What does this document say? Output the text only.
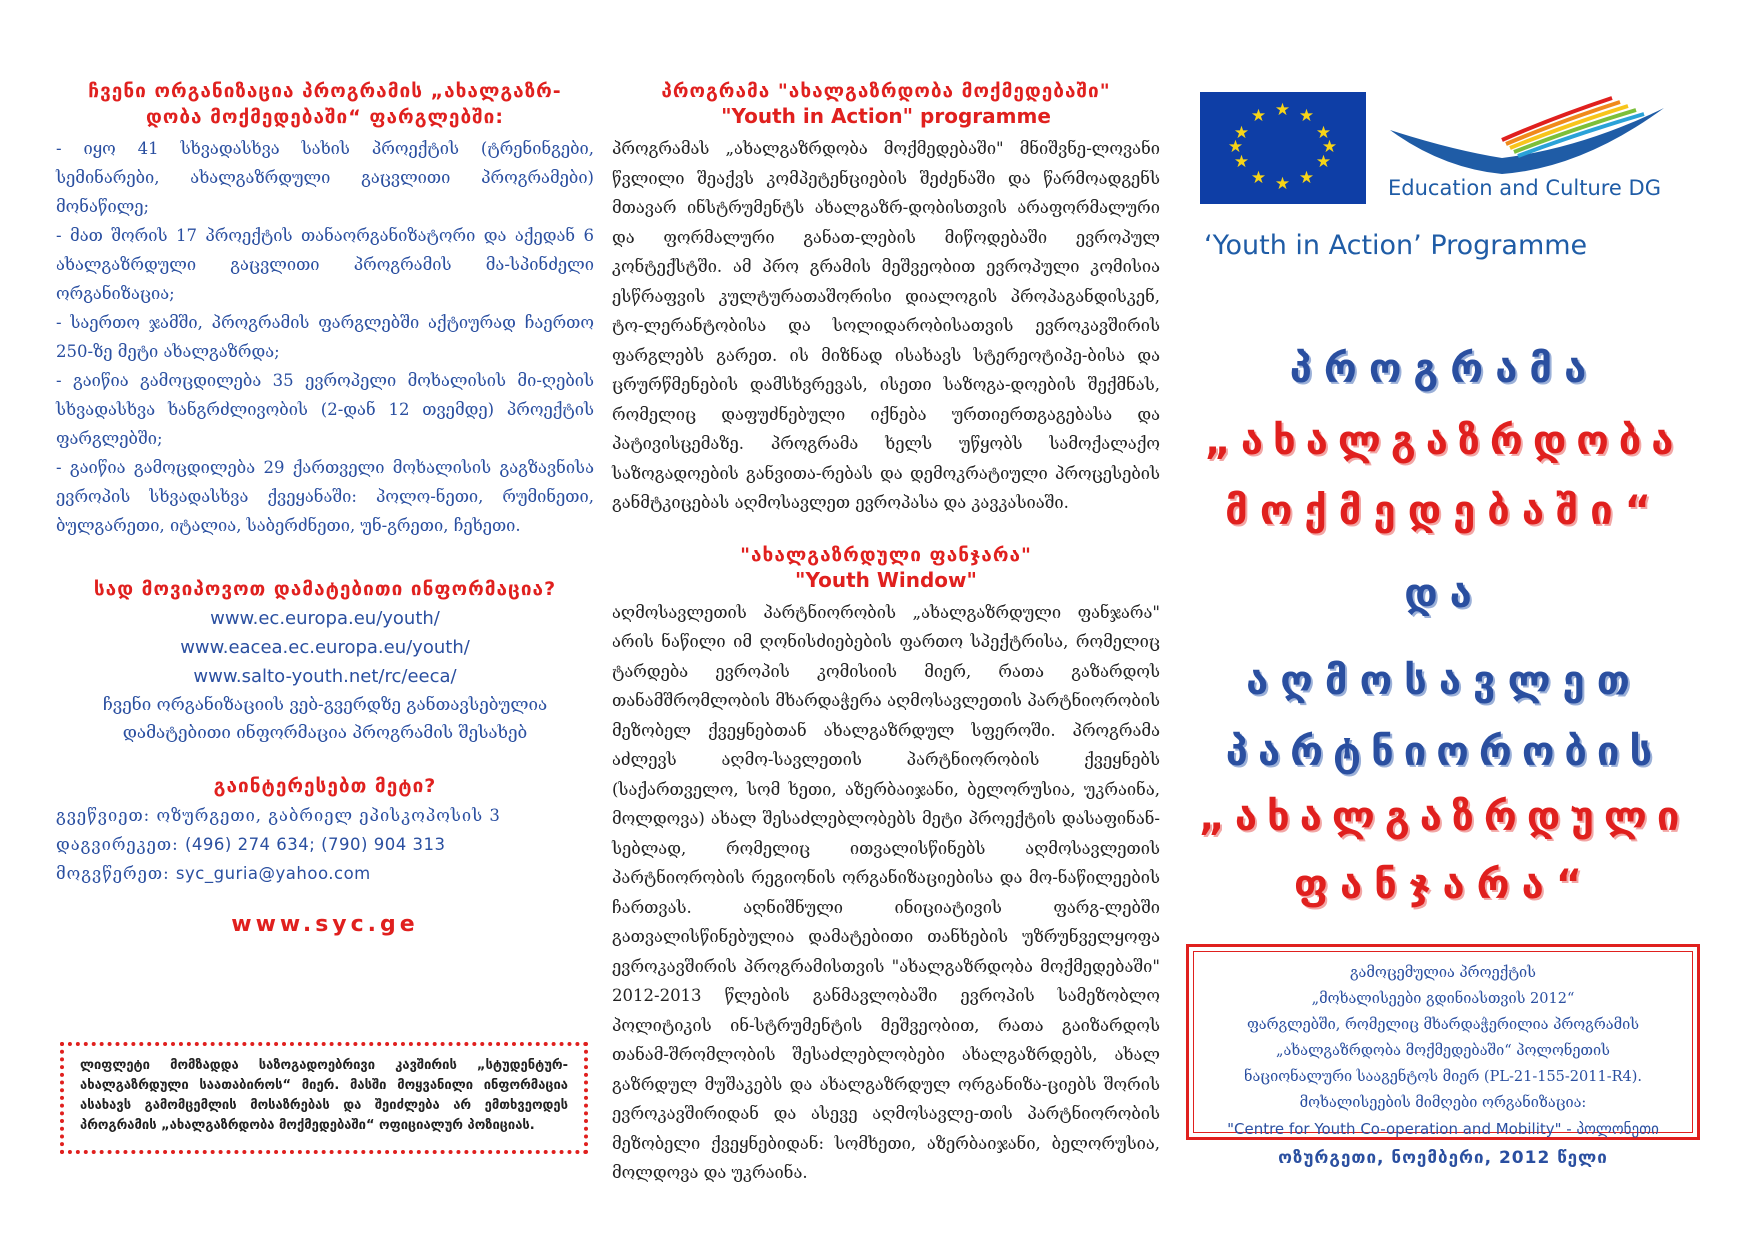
ჩვენი ორგანიზაცია პროგრამის „ახალგაზრ-დობა მოქმედებაში“ ფარგლებში:

- იყო 41 სხვადასხვა სახის პროექტის (ტრენინგები, სემინარები, ახალგაზრდული გაცვლითი პროგრამები) მონაწილე;

- მათ შორის 17 პროექტის თანაორგანიზატორი და აქედან 6 ახალგაზრდული გაცვლითი პროგრამის მა-სპინძელი ორგანიზაცია;

- საერთო ჯამში, პროგრამის ფარგლებში აქტიურად ჩაერთო 250-ზე მეტი ახალგაზრდა;

- გაიწია გამოცდილება 35 ევროპელი მოხალისის მი-ღების სხვადასხვა ხანგრძლივობის (2-დან 12 თვემდე) პროექტის ფარგლებში;

- გაიწია გამოცდილება 29 ქართველი მოხალისის გაგზავნისა ევროპის სხვადასხვა ქვეყანაში: პოლო-ნეთი, რუმინეთი, ბულგარეთი, იტალია, საბერძნეთი, უნ-გრეთი, ჩეხეთი.

სად მოვიპოვოთ დამატებითი ინფორმაცია?

www.ec.europa.eu/youth/

www.eacea.ec.europa.eu/youth/

www.salto-youth.net/rc/eeca/

ჩვენი ორგანიზაციის ვებ-გვერდზე განთავსებულია დამატებითი ინფორმაცია პროგრამის შესახებ

გაინტერესებთ მეტი?

გვეწვიეთ: ოზურგეთი, გაბრიელ ეპისკოპოსის 3

დაგვირეკეთ: (496) 274 634; (790) 904 313

მოგვწერეთ: syc_guria@yahoo.com

www.syc.ge

ლიფლეტი მომზადდა საზოგადოებრივი კავშირის „სტუდენტურ-ახალგაზრდული საათაბიროს“ მიერ. მასში მოყვანილი ინფორმაცია ასახავს გამომცემლის მოსაზრებას და შეიძლება არ ემთხვეოდეს პროგრამის „ახალგაზრდობა მოქმედებაში“ ოფიციალურ პოზიციას.

პროგრამა "ახალგაზრდობა მოქმედებაში"

"Youth in Action" programme

პროგრამას „ახალგაზრდობა მოქმედებაში" მნიშვნე-ლოვანი წვლილი შეაქვს კომპეტენციების შეძენაში და წარმოადგენს მთავარ ინსტრუმენტს ახალგაზრ-დობისთვის არაფორმალური და ფორმალური განათ-ლების მიწოდებაში ევროპულ კონტექსტში. ამ პრო გრამის მეშვეობით ევროპული კომისია ესწრაფვის კულტურათაშორისი დიალოგის პროპაგანდისკენ, ტო-ლერანტობისა და სოლიდარობისათვის ევროკავშირის ფარგლებს გარეთ. ის მიზნად ისახავს სტერეოტიპე-ბისა და ცრურწმენების დამსხვრევას, ისეთი საზოგა-დოების შექმნას, რომელიც დაფუძნებული იქნება ურთიერთგაგებასა და პატივისცემაზე. პროგრამა ხელს უწყობს სამოქალაქო საზოგადოების განვითა-რებას და დემოკრატიული პროცესების განმტკიცებას აღმოსავლეთ ევროპასა და კავკასიაში.

"ახალგაზრდული ფანჯარა"

"Youth Window"

აღმოსავლეთის პარტნიორობის „ახალგაზრდული ფანჯარა" არის ნაწილი იმ ღონისძიებების ფართო სპექტრისა, რომელიც ტარდება ევროპის კომისიის მიერ, რათა გაზარდოს თანამშრომლობის მხარდაჭერა აღმოსავლეთის პარტნიორობის მეზობელ ქვეყნებთან ახალგაზრდულ სფეროში. პროგრამა აძლევს აღმო-სავლეთის პარტნიორობის ქვეყნებს (საქართველო, სომ ხეთი, აზერბაიჯანი, ბელორუსია, უკრაინა, მოლდოვა) ახალ შესაძლებლობებს მეტი პროექტის დასაფინან-სებლად, რომელიც ითვალისწინებს აღმოსავლეთის პარტნიორობის რეგიონის ორგანიზაციებისა და მო-ნაწილეების ჩართვას. აღნიშნული ინიციატივის ფარგ-ლებში გათვალისწინებულია დამატებითი თანხების უზრუნველყოფა ევროკავშირის პროგრამისთვის "ახალგაზრდობა მოქმედებაში" 2012-2013 წლების განმავლობაში ევროპის სამეზობლო პოლიტიკის ინ-სტრუმენტის მეშვეობით, რათა გაიზარდოს თანამ-შრომლობის შესაძლებლობები ახალგაზრდებს, ახალ გაზრდულ მუშაკებს და ახალგაზრდულ ორგანიზა-ციებს შორის ევროკავშირიდან და ასევე აღმოსავლე-თის პარტნიორობის მეზობელი ქვეყნებიდან: სომხეთი, აზერბაიჯანი, ბელორუსია, მოლდოვა და უკრაინა.

★ ★
★
★
★
★
★
★
★
★
★
★

Education and Culture DG

‘Youth in Action’ Programme

პროგრამა

„ახალგაზრდობა

მოქმედებაში“

და

აღმოსავლეთ

პარტნიორობის

„ახალგაზრდული

ფანჯარა“

გამოცემულია პროექტის

„მოხალისეები გდინიასთვის 2012“

ფარგლებში, რომელიც მხარდაჭერილია პროგრამის

„ახალგაზრდობა მოქმედებაში“ პოლონეთის

ნაციონალური სააგენტოს მიერ (PL-21-155-2011-R4).

მოხალისეების მიმღები ორგანიზაცია:

"Centre for Youth Co-operation and Mobility" - პოლონეთი

ოზურგეთი, ნოემბერი, 2012 წელი
